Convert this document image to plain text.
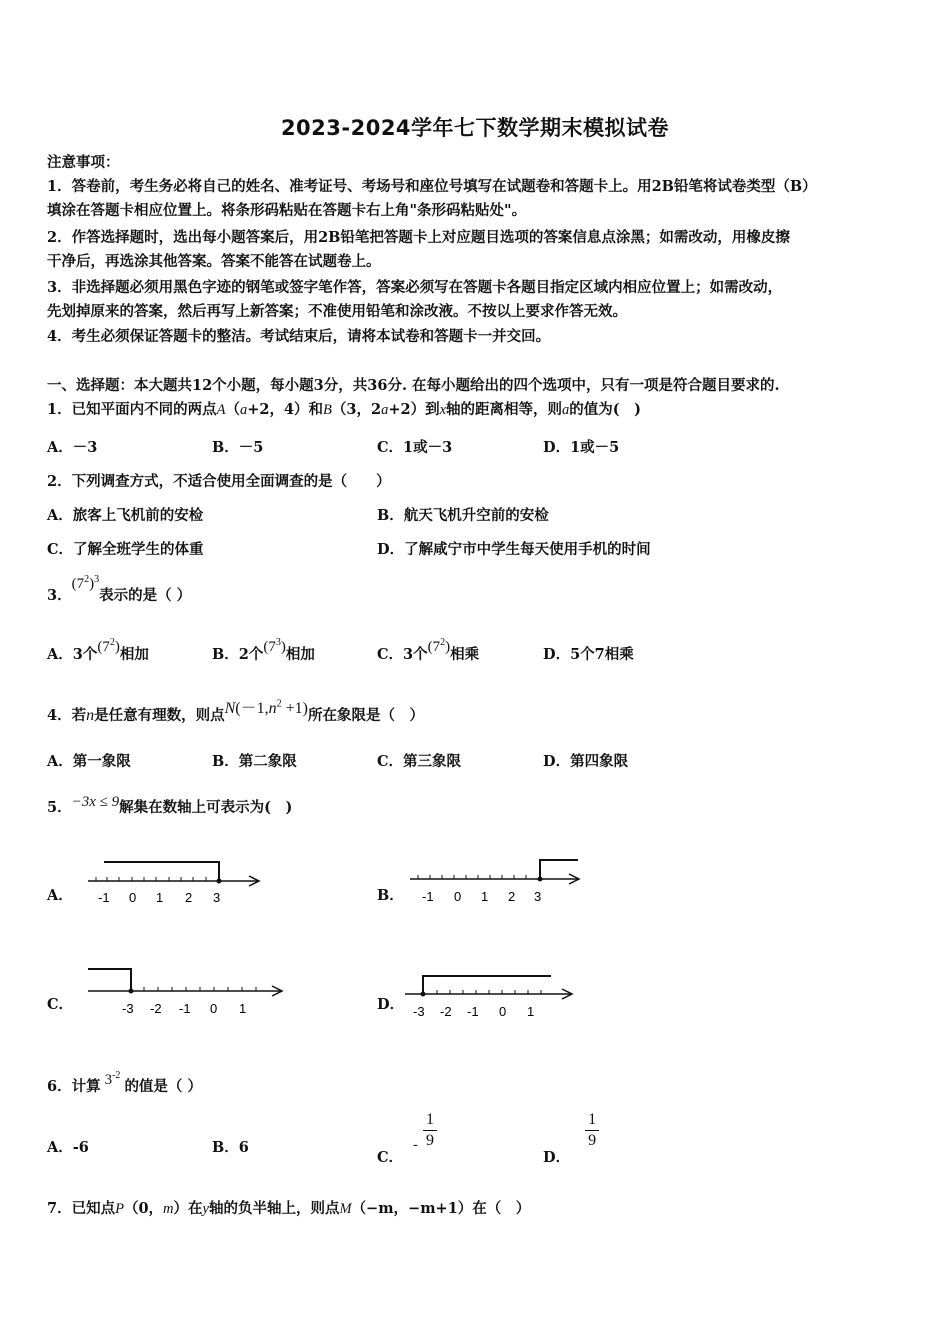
2023-2024学年七下数学期末模拟试卷
注意事项：
1．答卷前，考生务必将自己的姓名、准考证号、考场号和座位号填写在试题卷和答题卡上。用2B铅笔将试卷类型（B）
填涂在答题卡相应位置上。将条形码粘贴在答题卡右上角"条形码粘贴处"。
2．作答选择题时，选出每小题答案后，用2B铅笔把答题卡上对应题目选项的答案信息点涂黑；如需改动，用橡皮擦
干净后，再选涂其他答案。答案不能答在试题卷上。
3．非选择题必须用黑色字迹的钢笔或签字笔作答，答案必须写在答题卡各题目指定区域内相应位置上；如需改动，
先划掉原来的答案，然后再写上新答案；不准使用铅笔和涂改液。不按以上要求作答无效。
4．考生必须保证答题卡的整洁。考试结束后，请将本试卷和答题卡一并交回。
一、选择题：本大题共12个小题，每小题3分，共36分. 在每小题给出的四个选项中，只有一项是符合题目要求的.
1．已知平面内不同的两点A（a+2，4）和B（3，2a+2）到x轴的距离相等，则a的值为(　)
A．－3	B．－5	C．1或－3	D．1或－5
2．下列调查方式，不适合使用全面调查的是（　　）
A．旅客上飞机前的安检	B．航天飞机升空前的安检
C．了解全班学生的体重	D．了解咸宁市中学生每天使用手机的时间
3．$(7^2)^3$表示的是（ ）
A．3个$(7^2)$相加	B．2个$(7^3)$相加	C．3个$(7^2)$相乘	D．5个7相乘
4．若n是任意有理数，则点$N(-1,n^2 +1)$所在象限是（　）
A．第一象限	B．第二象限	C．第三象限	D．第四象限
5．−3x ≤ 9解集在数轴上可表示为(　)
A． -1 0 1 2 3	B． -1 0 1 2 3
C．	-3 -2 -1 0 1	D． -3 -2 -1 0 1
6．计算 $3^{-2}$的值是（ ）
A．-6	B．6
C．- $\frac{1}{9}$
D．
$\frac{1}{9}$
7．已知点P（0，m）在y轴的负半轴上，则点M（−m，−m+1）在（　）
